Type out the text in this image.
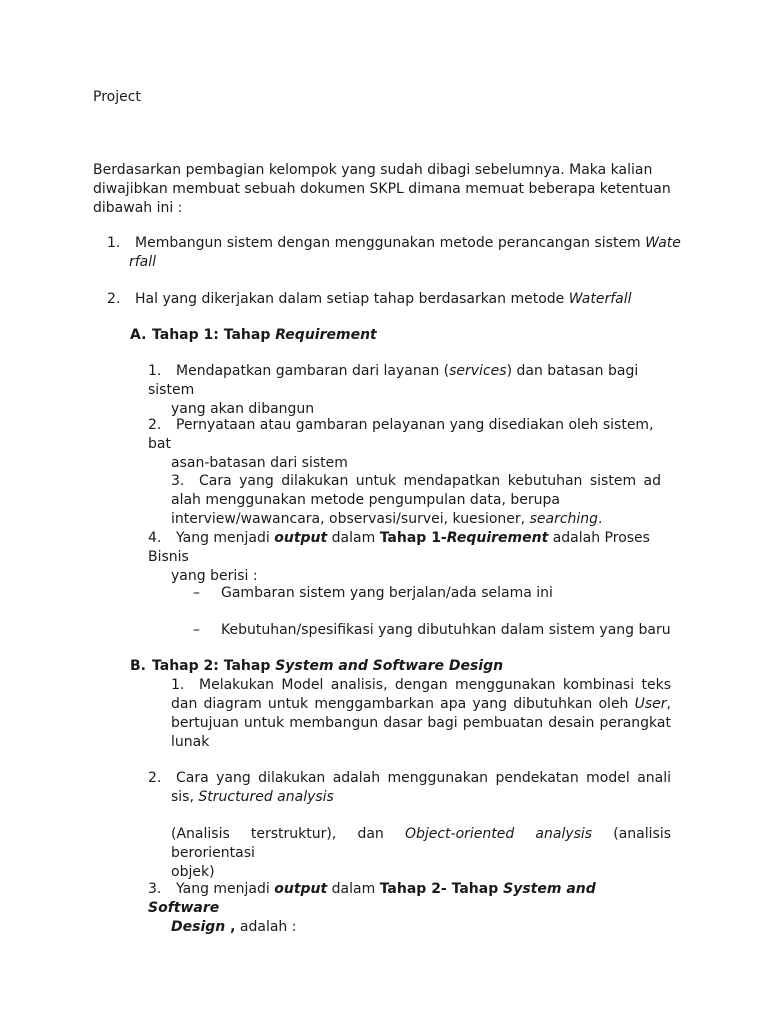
Project

Berdasarkan pembagian kelompok yang sudah dibagi sebelumnya. Maka kalian
diwajibkan membuat sebuah dokumen SKPL dimana memuat beberapa ketentuan
dibawah ini :
1. Membangun sistem dengan menggunakan metode perancangan sistem Wate
rfall
2. Hal yang dikerjakan dalam setiap tahap berdasarkan metode Waterfall
A. Tahap 1: Tahap Requirement
1. Mendapatkan gambaran dari layanan (services) dan batasan bagi sistem
yang akan dibangun
2. Pernyataan atau gambaran pelayanan yang disediakan oleh sistem, bat
asan-batasan dari sistem
3. Cara yang dilakukan untuk mendapatkan kebutuhan sistem ad
alah menggunakan metode pengumpulan data, berupa
interview/wawancara, observasi/survei, kuesioner, searching.
4. Yang menjadi output dalam Tahap 1-Requirement adalah Proses Bisnis
yang berisi :
– Gambaran sistem yang berjalan/ada selama ini
– Kebutuhan/spesifikasi yang dibutuhkan dalam sistem yang baru
B. Tahap 2: Tahap System and Software Design
1. Melakukan Model analisis, dengan menggunakan kombinasi teks
dan diagram untuk menggambarkan apa yang dibutuhkan oleh User,
bertujuan untuk membangun dasar bagi pembuatan desain perangkat
lunak
2. Cara yang dilakukan adalah menggunakan pendekatan model anali
sis, Structured analysis
(Analisis terstruktur), dan Object-oriented analysis (analisis berorientasi
objek)
3. Yang menjadi output dalam Tahap 2- Tahap System and Software
Design , adalah :
